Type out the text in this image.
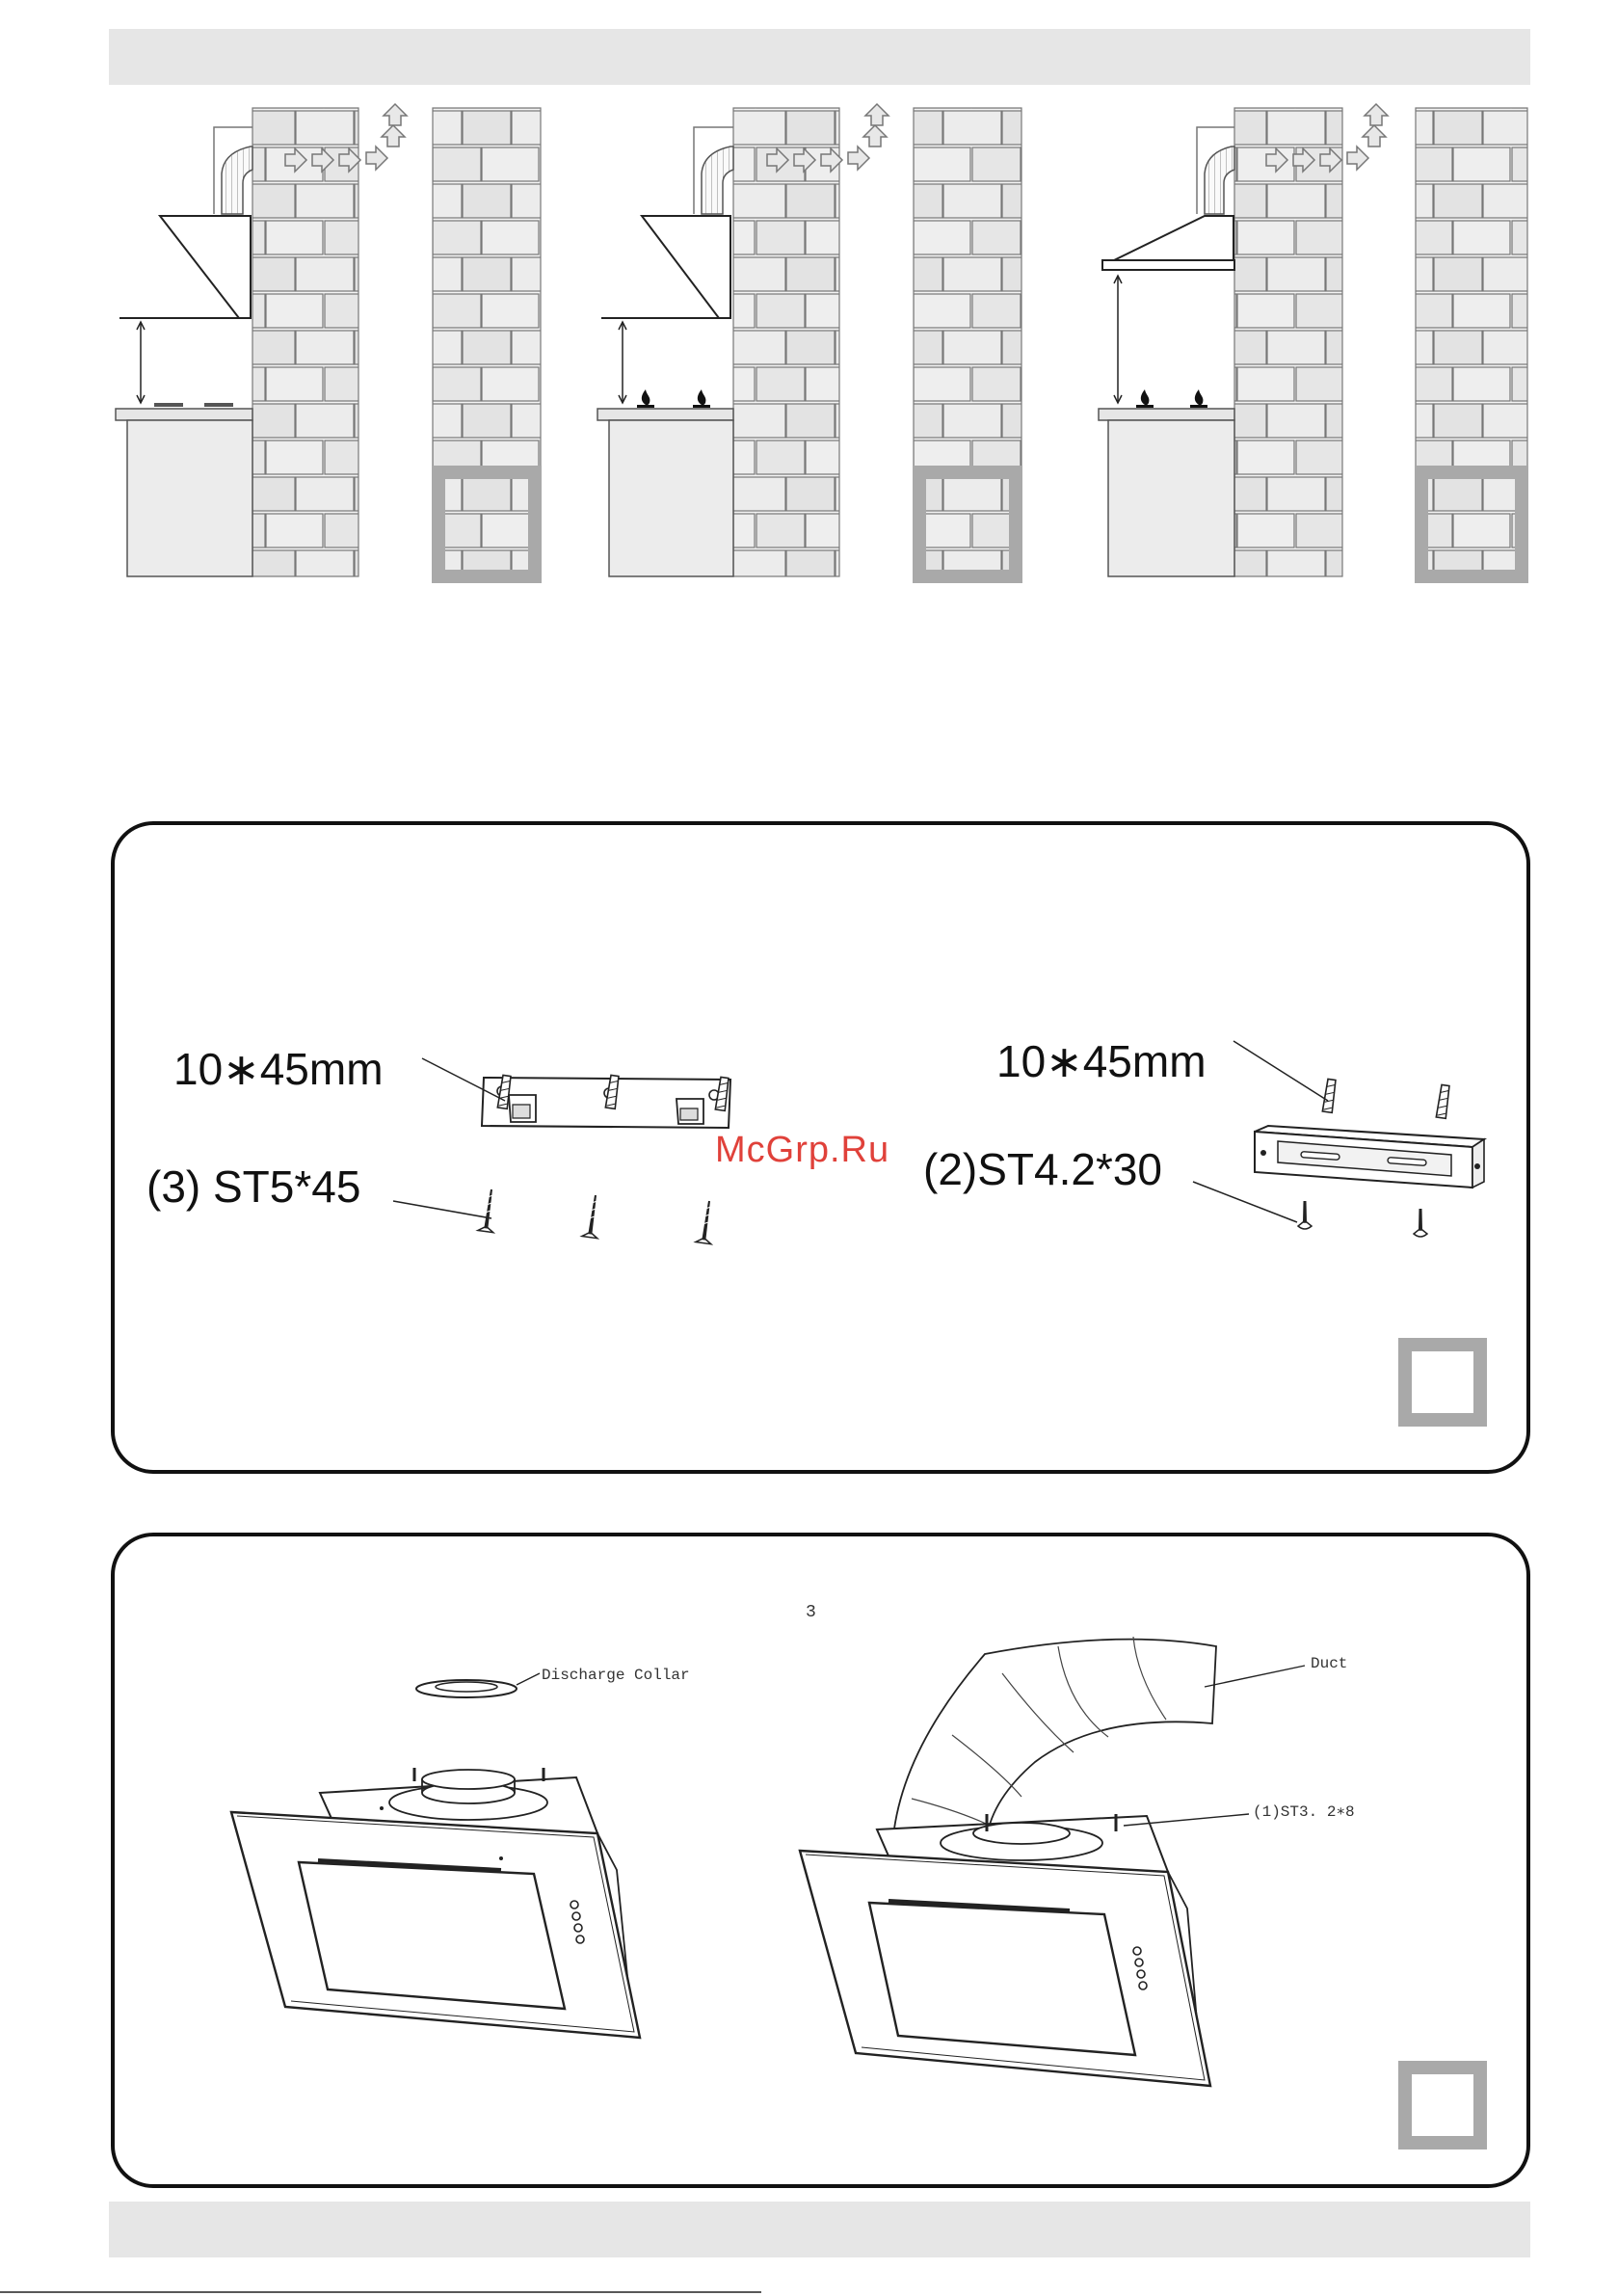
10∗45mm
(3) ST5*45
10∗45mm
(2)ST4.2*30
McGrp.Ru
Discharge Collar
Duct
(1)ST3. 2∗8
3
